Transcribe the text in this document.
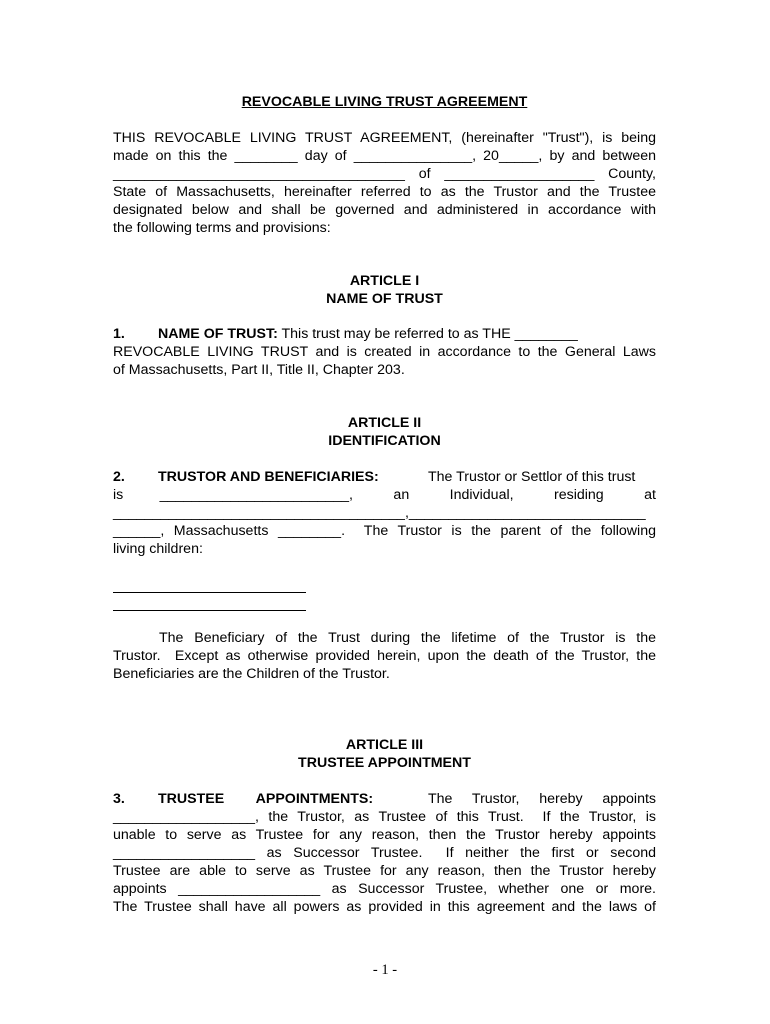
REVOCABLE LIVING TRUST AGREEMENT
THIS REVOCABLE LIVING TRUST AGREEMENT, (hereinafter "Trust"), is being
made on this the ________ day of _______________, 20_____, by and between
_____________________________________ of ___________________ County,
State of Massachusetts, hereinafter referred to as the Trustor and the Trustee
designated below and shall be governed and administered in accordance with
the following terms and provisions:
ARTICLE I
NAME OF TRUST
1. NAME OF TRUST: This trust may be referred to as THE ________
REVOCABLE LIVING TRUST and is created in accordance to the General Laws
of Massachusetts, Part II, Title II, Chapter 203.
ARTICLE II
IDENTIFICATION
2. TRUSTOR AND BENEFICIARIES:	The Trustor or Settlor of this trust
is         ________________________,          an          Individual,          residing          at
_____________________________________,______________________________
______, Massachusetts ________.  The Trustor is the parent of the following
living children:
The Beneficiary of the Trust during the lifetime of the Trustor is the
Trustor.  Except as otherwise provided herein, upon the death of the Trustor, the
Beneficiaries are the Children of the Trustor.
ARTICLE III
TRUSTEE APPOINTMENT
3.	TRUSTEE APPOINTMENTS:	The Trustor, hereby appoints
__________________, the Trustor, as Trustee of this Trust.  If the Trustor, is
unable to serve as Trustee for any reason, then the Trustor hereby appoints
__________________ as Successor Trustee.  If neither the first or second
Trustee are able to serve as Trustee for any reason, then the Trustor hereby
appoints __________________ as Successor Trustee, whether one or more.
The Trustee shall have all powers as provided in this agreement and the laws of
- 1 -
